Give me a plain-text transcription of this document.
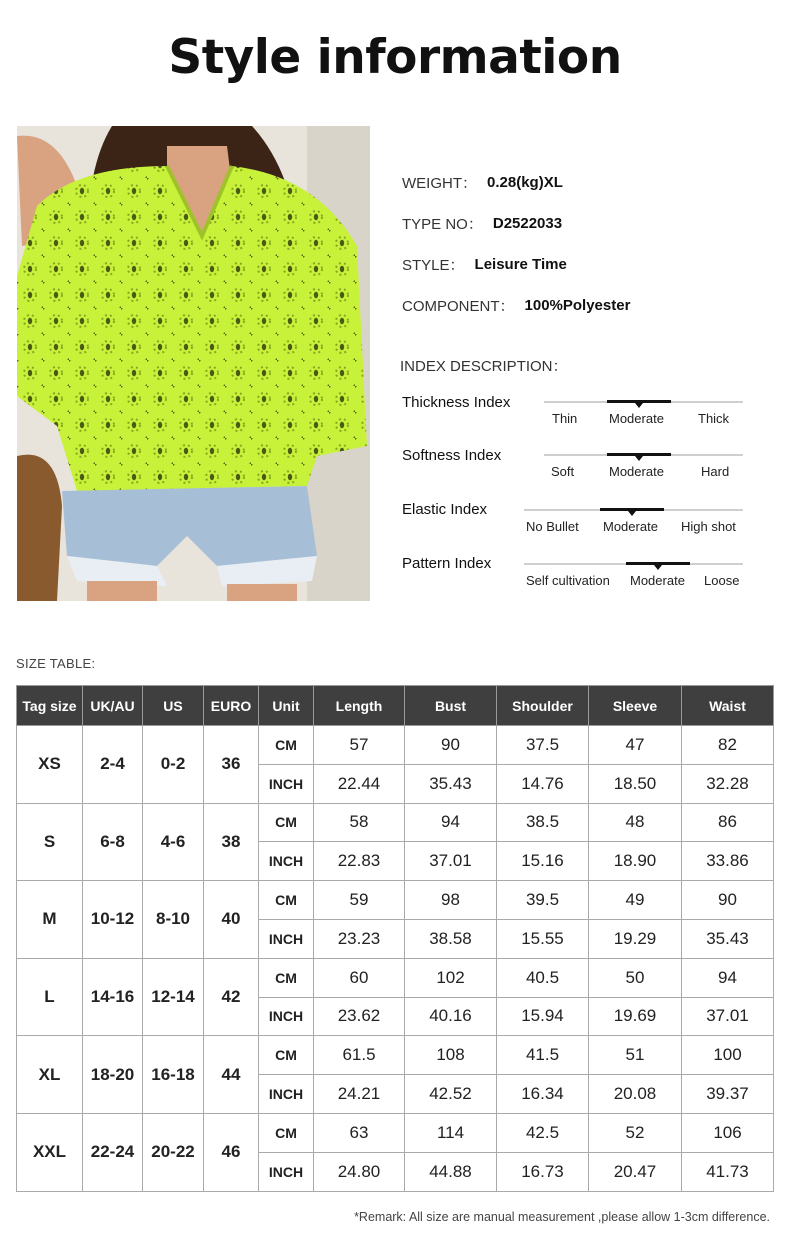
Style information
WEIGHT： 0.28(kg)XL
TYPE NO： D2522033
STYLE： Leisure Time
COMPONENT： 100%Polyester
INDEX DESCRIPTION：
Thickness Index
Thin Moderate	Thick
Softness Index
Soft	Moderate	Hard
Elastic Index
No Bullet Moderate High shot
Pattern Index
Self cultivation Moderate Loose
SIZE TABLE:
Tag size	UK/AU	US	EURO	Unit	Length	Bust	Shoulder	Sleeve	Waist
XS	2-4	0-2	36	CM	57	90	37.5	47	82
				INCH	22.44	35.43	14.76	18.50	32.28
S	6-8	4-6	38	CM	58	94	38.5	48	86
				INCH	22.83	37.01	15.16	18.90	33.86
M	10-12	8-10	40	CM	59	98	39.5	49	90
				INCH	23.23	38.58	15.55	19.29	35.43
L	14-16	12-14	42	CM	60	102	40.5	50	94
				INCH	23.62	40.16	15.94	19.69	37.01
XL	18-20	16-18	44	CM	61.5	108	41.5	51	100
				INCH	24.21	42.52	16.34	20.08	39.37
XXL	22-24	20-22	46	CM	63	114	42.5	52	106
				INCH	24.80	44.88	16.73	20.47	41.73
*Remark: All size are manual measurement ,please allow 1-3cm difference.
